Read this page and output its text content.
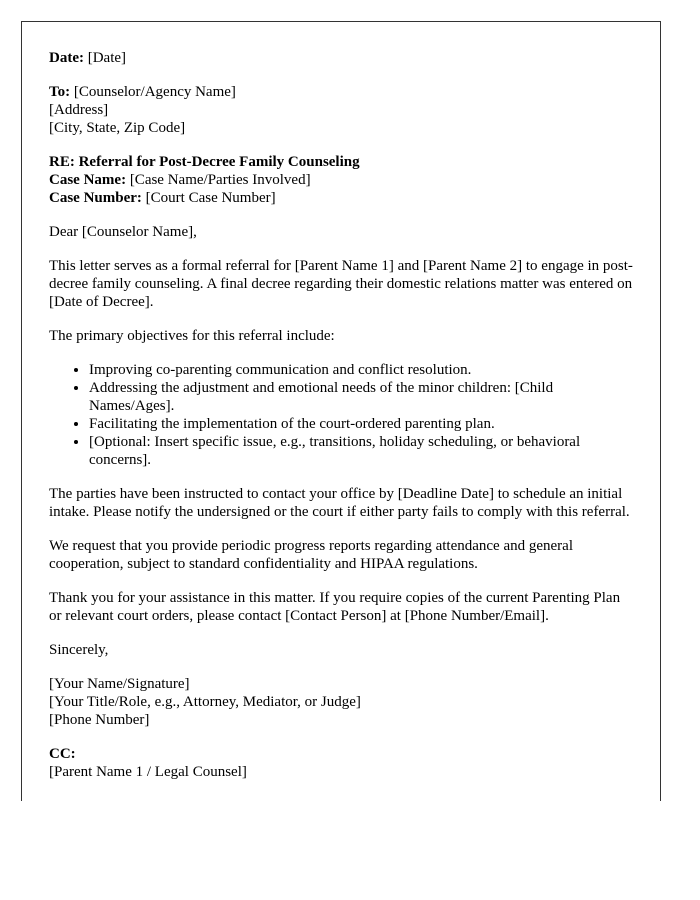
Date: [Date]

To: [Counselor/Agency Name]
[Address]
[City, State, Zip Code]

RE: Referral for Post-Decree Family Counseling
Case Name: [Case Name/Parties Involved]
Case Number: [Court Case Number]

Dear [Counselor Name],

This letter serves as a formal referral for [Parent Name 1] and [Parent Name 2] to engage in post-decree family counseling. A final decree regarding their domestic relations matter was entered on [Date of Decree].

The primary objectives for this referral include:

• Improving co-parenting communication and conflict resolution.
• Addressing the adjustment and emotional needs of the minor children: [Child Names/Ages].
• Facilitating the implementation of the court-ordered parenting plan.
• [Optional: Insert specific issue, e.g., transitions, holiday scheduling, or behavioral concerns].

The parties have been instructed to contact your office by [Deadline Date] to schedule an initial intake. Please notify the undersigned or the court if either party fails to comply with this referral.

We request that you provide periodic progress reports regarding attendance and general cooperation, subject to standard confidentiality and HIPAA regulations.

Thank you for your assistance in this matter. If you require copies of the current Parenting Plan or relevant court orders, please contact [Contact Person] at [Phone Number/Email].

Sincerely,

[Your Name/Signature]
[Your Title/Role, e.g., Attorney, Mediator, or Judge]
[Phone Number]

CC:
[Parent Name 1 / Legal Counsel]
